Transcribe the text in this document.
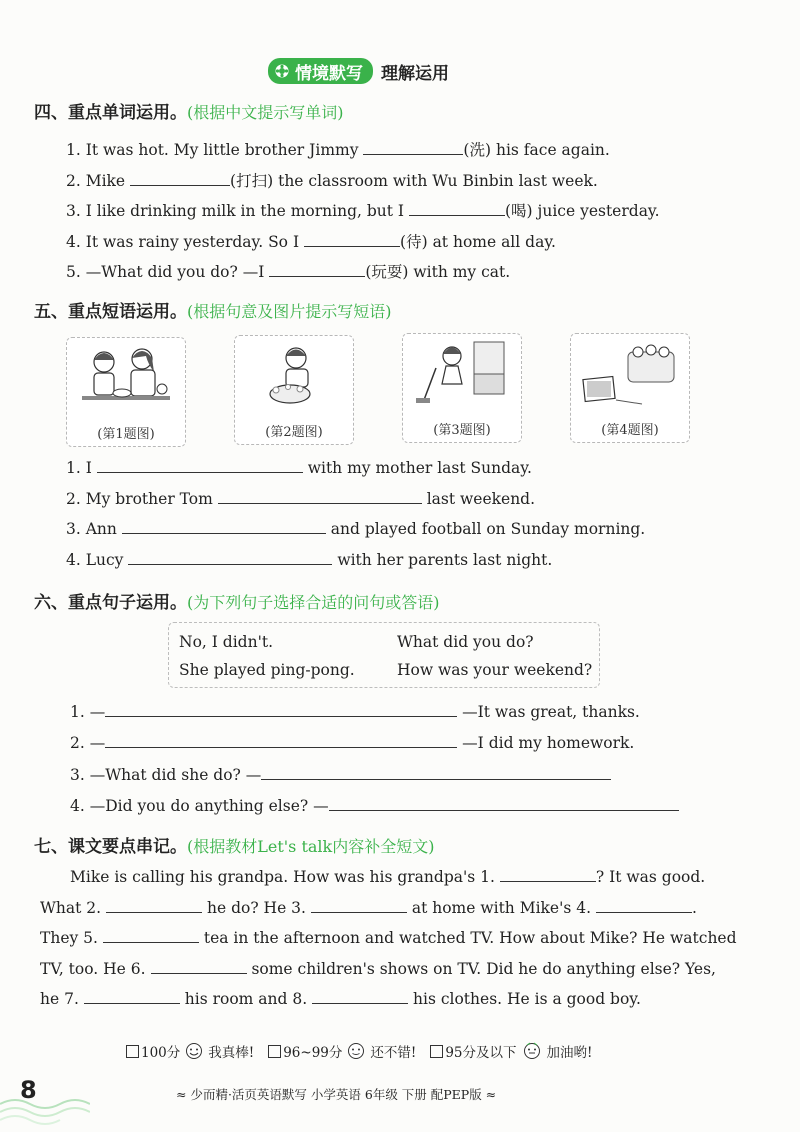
情境默写 理解运用
四、重点单词运用。(根据中文提示写单词)
1. It was hot. My little brother Jimmy	(洗) his face again.
2. Mike	(打扫) the classroom with Wu Binbin last week.
3. I like drinking milk in the morning, but I	(喝) juice yesterday.
4. It was rainy yesterday. So I	(待) at home all day.
5. —What did you do? —I	(玩耍) with my cat.
五、重点短语运用。(根据句意及图片提示写短语)
(第1题图)	(第2题图)	(第3题图)	(第4题图)
1. I	with my mother last Sunday.
2. My brother Tom	last weekend.
3. Ann	and played football on Sunday morning.
4. Lucy	with her parents last night.
六、重点句子运用。(为下列句子选择合适的问句或答语)
No, I didn't.	What did you do?
She played ping-pong.	How was your weekend?
1. —	—It was great, thanks.
2. —	—I did my homework.
3. —What did she do? —
4. —Did you do anything else? —
七、课文要点串记。(根据教材Let's talk内容补全短文)
Mike is calling his grandpa. How was his grandpa's 1.	? It was good.
What 2.	he do? He 3.	at home with Mike's 4.	.
They 5.	tea in the afternoon and watched TV. How about Mike? He watched
TV, too. He 6.	some children's shows on TV. Did he do anything else? Yes,
he 7.	his room and 8.	his clothes. He is a good boy.
100分 我真棒! 96~99分 还不错! 95分及以下 加油哟!
8	≈ 少而精·活页英语默写 小学英语 6年级 下册 配PEP版 ≈
